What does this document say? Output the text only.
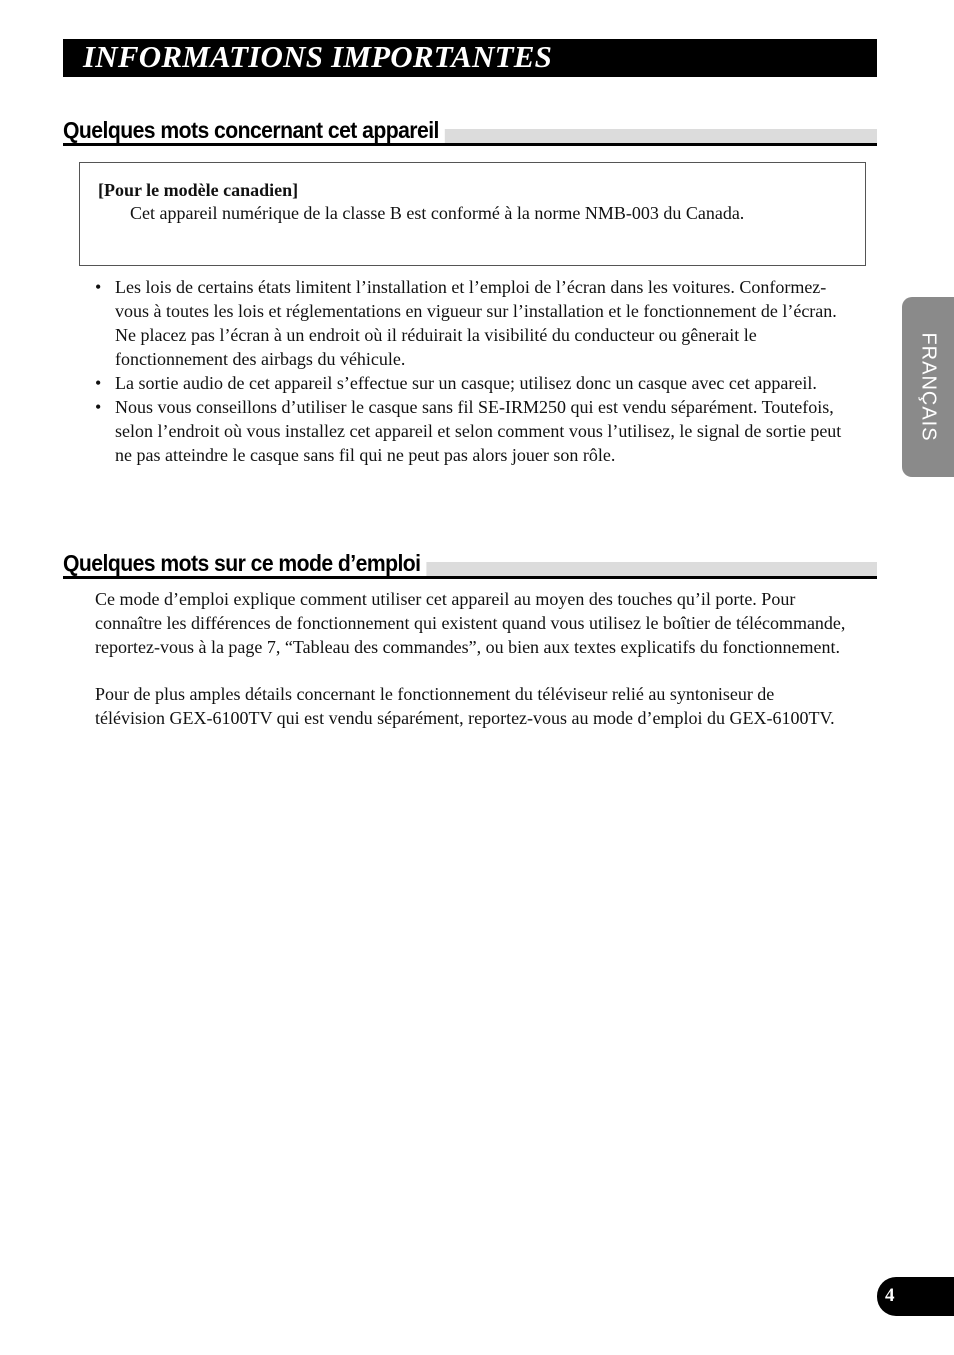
INFORMATIONS IMPORTANTES
Quelques mots concernant cet appareil
[Pour le modèle canadien]
Cet appareil numérique de la classe B est conformé à la norme NMB-003 du Canada.
• Les lois de certains états limitent l’installation et l’emploi de l’écran dans les voitures. Conformez-vous à toutes les lois et réglementations en vigueur sur l’installation et le fonctionnement de l’écran. Ne placez pas l’écran à un endroit où il réduirait la visibilité du conducteur ou gênerait le fonctionnement des airbags du véhicule.
• La sortie audio de cet appareil s’effectue sur un casque; utilisez donc un casque avec cet appareil.
• Nous vous conseillons d’utiliser le casque sans fil SE-IRM250 qui est vendu séparément. Toutefois, selon l’endroit où vous installez cet appareil et selon comment vous l’utilisez, le signal de sortie peut ne pas atteindre le casque sans fil qui ne peut pas alors jouer son rôle.
Quelques mots sur ce mode d’emploi

Ce mode d’emploi explique comment utiliser cet appareil au moyen des touches qu’il porte. Pour connaître les différences de fonctionnement qui existent quand vous utilisez le boîtier de télécommande, reportez-vous à la page 7, “Tableau des commandes”, ou bien aux textes explicatifs du fonctionnement.

Pour de plus amples détails concernant le fonctionnement du téléviseur relié au syntoniseur de télévision GEX-6100TV qui est vendu séparément, reportez-vous au mode d’emploi du GEX-6100TV.

FRANÇAIS
4
